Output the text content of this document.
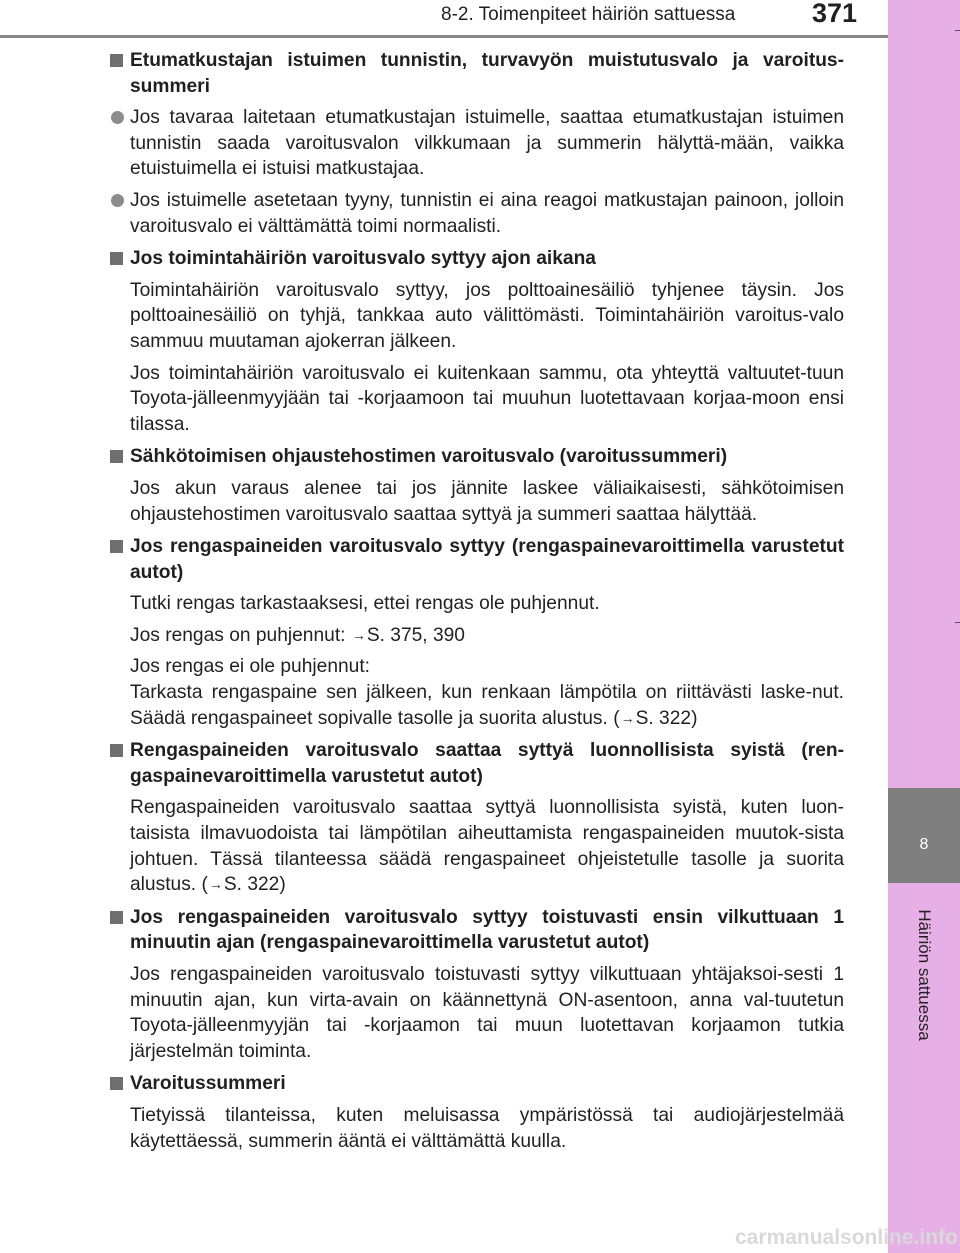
8-2. Toimenpiteet häiriön sattuessa	371
8
Häiriön sattuessa
Etumatkustajan istuimen tunnistin, turvavyön muistutusvalo ja varoitus-summeri
Jos tavaraa laitetaan etumatkustajan istuimelle, saattaa etumatkustajan istuimen tunnistin saada varoitusvalon vilkkumaan ja summerin hälyttä-mään, vaikka etuistuimella ei istuisi matkustajaa.
Jos istuimelle asetetaan tyyny, tunnistin ei aina reagoi matkustajan painoon, jolloin varoitusvalo ei välttämättä toimi normaalisti.
Jos toimintahäiriön varoitusvalo syttyy ajon aikana
Toimintahäiriön varoitusvalo syttyy, jos polttoainesäiliö tyhjenee täysin. Jos polttoainesäiliö on tyhjä, tankkaa auto välittömästi. Toimintahäiriön varoitus-valo sammuu muutaman ajokerran jälkeen.
Jos toimintahäiriön varoitusvalo ei kuitenkaan sammu, ota yhteyttä valtuutet-tuun Toyota-jälleenmyyjään tai -korjaamoon tai muuhun luotettavaan korjaa-moon ensi tilassa.
Sähkötoimisen ohjaustehostimen varoitusvalo (varoitussummeri)
Jos akun varaus alenee tai jos jännite laskee väliaikaisesti, sähkötoimisen ohjaustehostimen varoitusvalo saattaa syttyä ja summeri saattaa hälyttää.
Jos rengaspaineiden varoitusvalo syttyy (rengaspainevaroittimella varustetut autot)
Tutki rengas tarkastaaksesi, ettei rengas ole puhjennut.
Jos rengas on puhjennut: →S. 375, 390
Jos rengas ei ole puhjennut:
Tarkasta rengaspaine sen jälkeen, kun renkaan lämpötila on riittävästi laske-nut. Säädä rengaspaineet sopivalle tasolle ja suorita alustus. (→S. 322)
Rengaspaineiden varoitusvalo saattaa syttyä luonnollisista syistä (ren-gaspainevaroittimella varustetut autot)
Rengaspaineiden varoitusvalo saattaa syttyä luonnollisista syistä, kuten luon-taisista ilmavuodoista tai lämpötilan aiheuttamista rengaspaineiden muutok-sista johtuen. Tässä tilanteessa säädä rengaspaineet ohjeistetulle tasolle ja suorita alustus. (→S. 322)
Jos rengaspaineiden varoitusvalo syttyy toistuvasti ensin vilkuttuaan 1 minuutin ajan (rengaspainevaroittimella varustetut autot)
Jos rengaspaineiden varoitusvalo toistuvasti syttyy vilkuttuaan yhtäjaksoi-sesti 1 minuutin ajan, kun virta-avain on käännettynä ON-asentoon, anna val-tuutetun Toyota-jälleenmyyjän tai -korjaamon tai muun luotettavan korjaamon tutkia järjestelmän toiminta.
Varoitussummeri
Tietyissä tilanteissa, kuten meluisassa ympäristössä tai audiojärjestelmää käytettäessä, summerin ääntä ei välttämättä kuulla.
carmanualsonline.info
